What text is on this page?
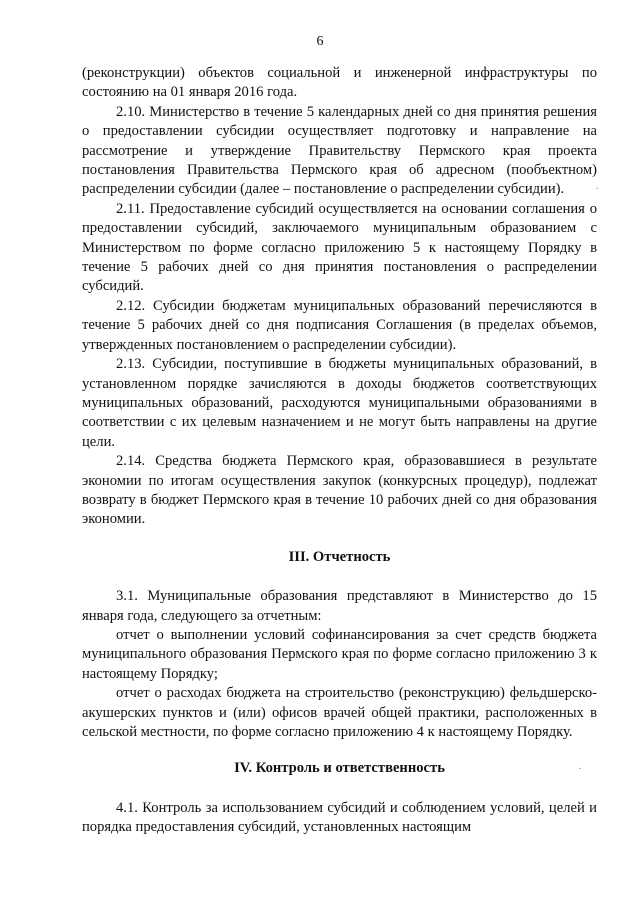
6

(реконструкции) объектов социальной и инженерной инфраструктуры по состоянию на 01 января 2016 года.

2.10. Министерство в течение 5 календарных дней со дня принятия решения о предоставлении субсидии осуществляет подготовку и направление на рассмотрение и утверждение Правительству Пермского края проекта постановления Правительства Пермского края об адресном (пообъектном) распределении субсидии (далее – постановление о распределении субсидии).

2.11. Предоставление субсидий осуществляется на основании соглашения о предоставлении субсидий, заключаемого муниципальным образованием с Министерством по форме согласно приложению 5 к настоящему Порядку в течение 5 рабочих дней со дня принятия постановления о распределении субсидий.

2.12. Субсидии бюджетам муниципальных образований перечисляются в течение 5 рабочих дней со дня подписания Соглашения (в пределах объемов, утвержденных постановлением о распределении субсидии).

2.13. Субсидии, поступившие в бюджеты муниципальных образований, в установленном порядке зачисляются в доходы бюджетов соответствующих муниципальных образований, расходуются муниципальными образованиями в соответствии с их целевым назначением и не могут быть направлены на другие цели.

2.14. Средства бюджета Пермского края, образовавшиеся в результате экономии по итогам осуществления закупок (конкурсных процедур), подлежат возврату в бюджет Пермского края в течение 10 рабочих дней со дня образования экономии.

III. Отчетность

3.1. Муниципальные образования представляют в Министерство до 15 января года, следующего за отчетным:

отчет о выполнении условий софинансирования за счет средств бюджета муниципального образования Пермского края по форме согласно приложению 3 к настоящему Порядку;

отчет о расходах бюджета на строительство (реконструкцию) фельдшерско-акушерских пунктов и (или) офисов врачей общей практики, расположенных в сельской местности, по форме согласно приложению 4 к настоящему Порядку.

IV. Контроль и ответственность

4.1. Контроль за использованием субсидий и соблюдением условий, целей и порядка предоставления субсидий, установленных настоящим

.
.
